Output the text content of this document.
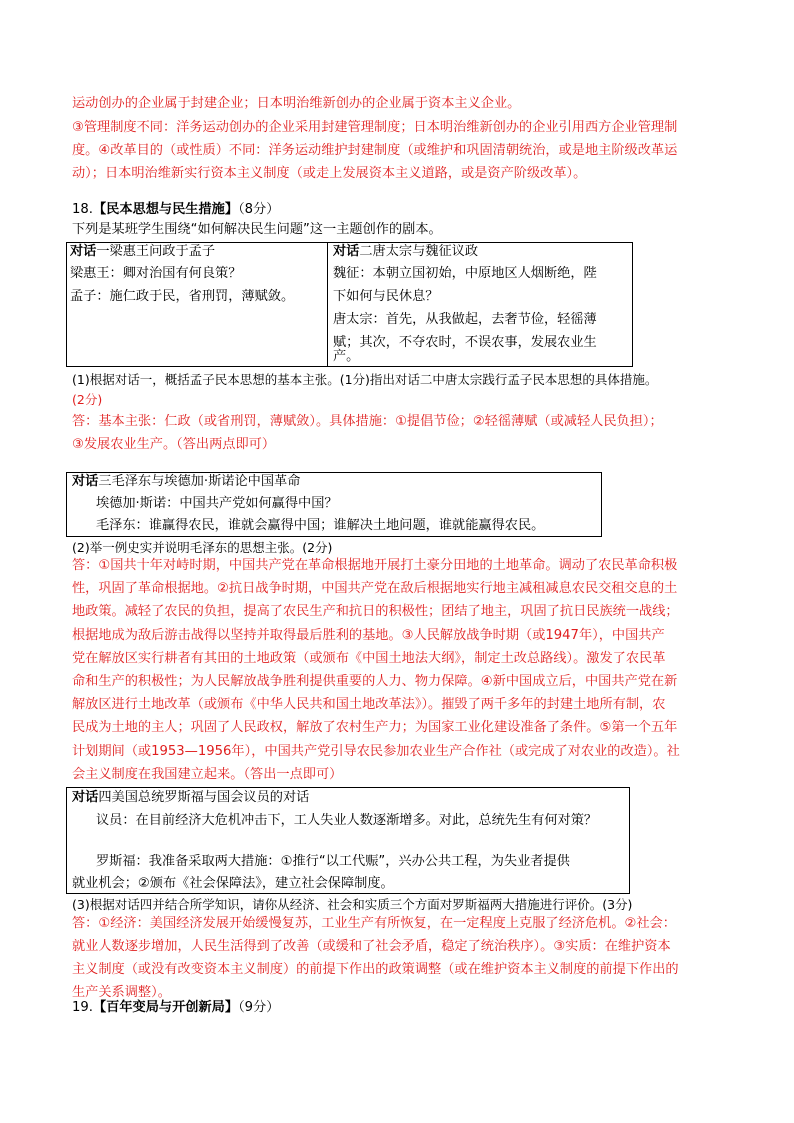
运动创办的企业属于封建企业；日本明治维新创办的企业属于资本主义企业。
③管理制度不同：洋务运动创办的企业采用封建管理制度；日本明治维新创办的企业引用西方企业管理制
度。④改革目的（或性质）不同：洋务运动维护封建制度（或维护和巩固清朝统治，或是地主阶级改革运
动）；日本明治维新实行资本主义制度（或走上发展资本主义道路，或是资产阶级改革）。
18.【民本思想与民生措施】（8分）
下列是某班学生围绕“如何解决民生问题”这一主题创作的剧本。
对话一梁惠王问政于孟子
梁惠王：卿对治国有何良策？
孟子：施仁政于民，省刑罚，薄赋敛。
对话二唐太宗与魏征议政
魏征：本朝立国初始，中原地区人烟断绝，陛
下如何与民休息？
唐太宗：首先，从我做起，去奢节俭，轻徭薄
赋；其次，不夺农时，不误农事，发展农业生
产。
(1)根据对话一，概括孟子民本思想的基本主张。(1分)指出对话二中唐太宗践行孟子民本思想的具体措施。
(2分)
答：基本主张：仁政（或省刑罚，薄赋敛）。具体措施：①提倡节俭；②轻徭薄赋（或减轻人民负担）；
③发展农业生产。（答出两点即可）
对话三毛泽东与埃德加·斯诺论中国革命
埃德加·斯诺：中国共产党如何赢得中国？
毛泽东：谁赢得农民，谁就会赢得中国；谁解决土地问题，谁就能赢得农民。
(2)举一例史实并说明毛泽东的思想主张。(2分)
答：①国共十年对峙时期，中国共产党在革命根据地开展打土豪分田地的土地革命。调动了农民革命积极
性，巩固了革命根据地。②抗日战争时期，中国共产党在敌后根据地实行地主减租减息农民交租交息的土
地政策。减轻了农民的负担，提高了农民生产和抗日的积极性；团结了地主，巩固了抗日民族统一战线；
根据地成为敌后游击战得以坚持并取得最后胜利的基地。③人民解放战争时期（或1947年），中国共产
党在解放区实行耕者有其田的土地政策（或颁布《中国土地法大纲》，制定土改总路线）。激发了农民革
命和生产的积极性；为人民解放战争胜利提供重要的人力、物力保障。④新中国成立后，中国共产党在新
解放区进行土地改革（或颁布《中华人民共和国土地改革法》）。摧毁了两千多年的封建土地所有制，农
民成为土地的主人；巩固了人民政权，解放了农村生产力；为国家工业化建设准备了条件。⑤第一个五年
计划期间（或1953—1956年），中国共产党引导农民参加农业生产合作社（或完成了对农业的改造）。社
会主义制度在我国建立起来。（答出一点即可）
对话四美国总统罗斯福与国会议员的对话
议员：在目前经济大危机冲击下，工人失业人数逐渐增多。对此，总统先生有何对策？
罗斯福：我准备采取两大措施：①推行“以工代赈”，兴办公共工程，为失业者提供
就业机会；②颁布《社会保障法》，建立社会保障制度。
(3)根据对话四并结合所学知识，请你从经济、社会和实质三个方面对罗斯福两大措施进行评价。(3分)
答：①经济：美国经济发展开始缓慢复苏，工业生产有所恢复，在一定程度上克服了经济危机。②社会：
就业人数逐步增加，人民生活得到了改善（或缓和了社会矛盾，稳定了统治秩序）。③实质：在维护资本
主义制度（或没有改变资本主义制度）的前提下作出的政策调整（或在维护资本主义制度的前提下作出的
生产关系调整）。
19.【百年变局与开创新局】（9分）
